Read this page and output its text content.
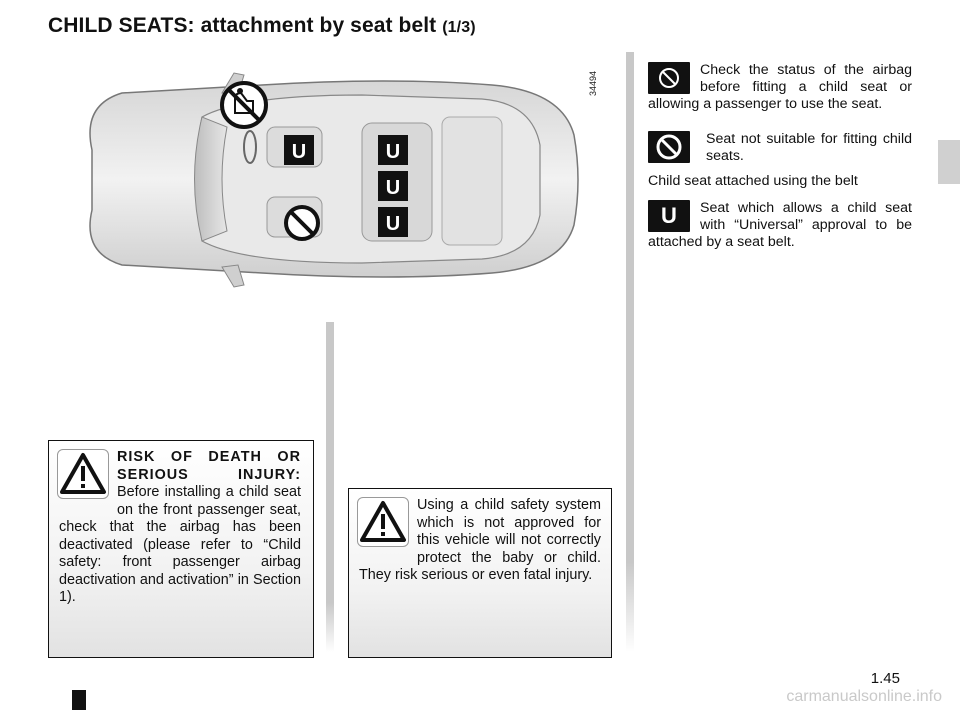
CHILD SEATS: attachment by seat belt (1/3)
U	U
U
U
34494
Check the status of the airbag before fitting a child seat or allowing a passenger to use the seat.
Seat not suitable for fitting child seats.
Child seat attached using the belt
U	Seat which allows a child seat with “Universal” approval to be attached by a seat belt.
RISK OF DEATH OR SERIOUS INJURY: Before installing a child seat on the front passenger seat, check that the airbag has been deactivated (please refer to “Child safety: front passenger airbag deactivation and activation” in Section 1).
Using a child safety system which is not approved for this vehicle will not correctly protect the baby or child. They risk serious or even fatal injury.
1.45
carmanualsonline.info
